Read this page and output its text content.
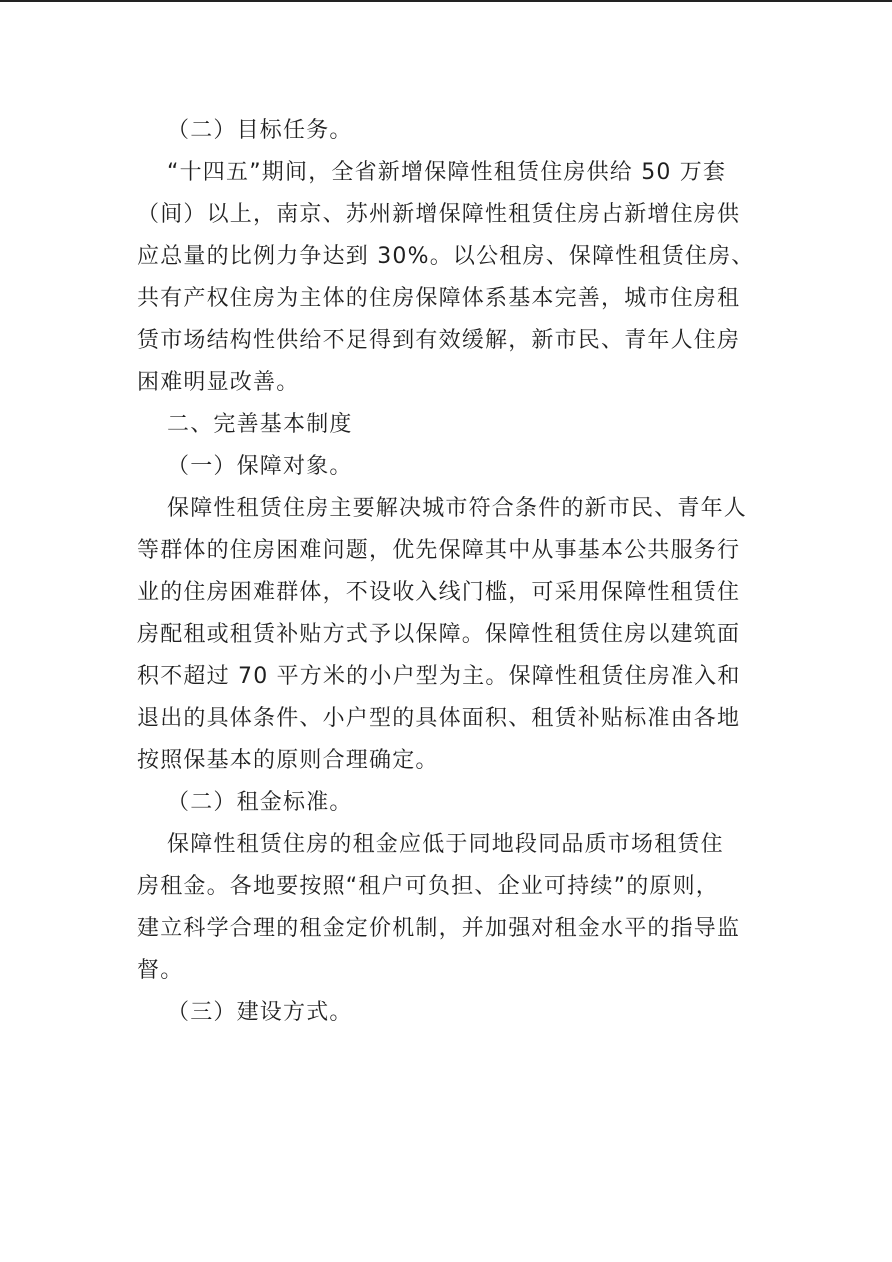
（二）目标任务。
“十四五”期间，全省新增保障性租赁住房供给 50 万套
（间）以上，南京、苏州新增保障性租赁住房占新增住房供
应总量的比例力争达到 30%。以公租房、保障性租赁住房、
共有产权住房为主体的住房保障体系基本完善，城市住房租
赁市场结构性供给不足得到有效缓解，新市民、青年人住房
困难明显改善。
二、完善基本制度
（一）保障对象。
保障性租赁住房主要解决城市符合条件的新市民、青年人
等群体的住房困难问题，优先保障其中从事基本公共服务行
业的住房困难群体，不设收入线门槛，可采用保障性租赁住
房配租或租赁补贴方式予以保障。保障性租赁住房以建筑面
积不超过 70 平方米的小户型为主。保障性租赁住房准入和
退出的具体条件、小户型的具体面积、租赁补贴标准由各地
按照保基本的原则合理确定。
（二）租金标准。
保障性租赁住房的租金应低于同地段同品质市场租赁住
房租金。各地要按照“租户可负担、企业可持续”的原则，
建立科学合理的租金定价机制，并加强对租金水平的指导监
督。
（三）建设方式。
